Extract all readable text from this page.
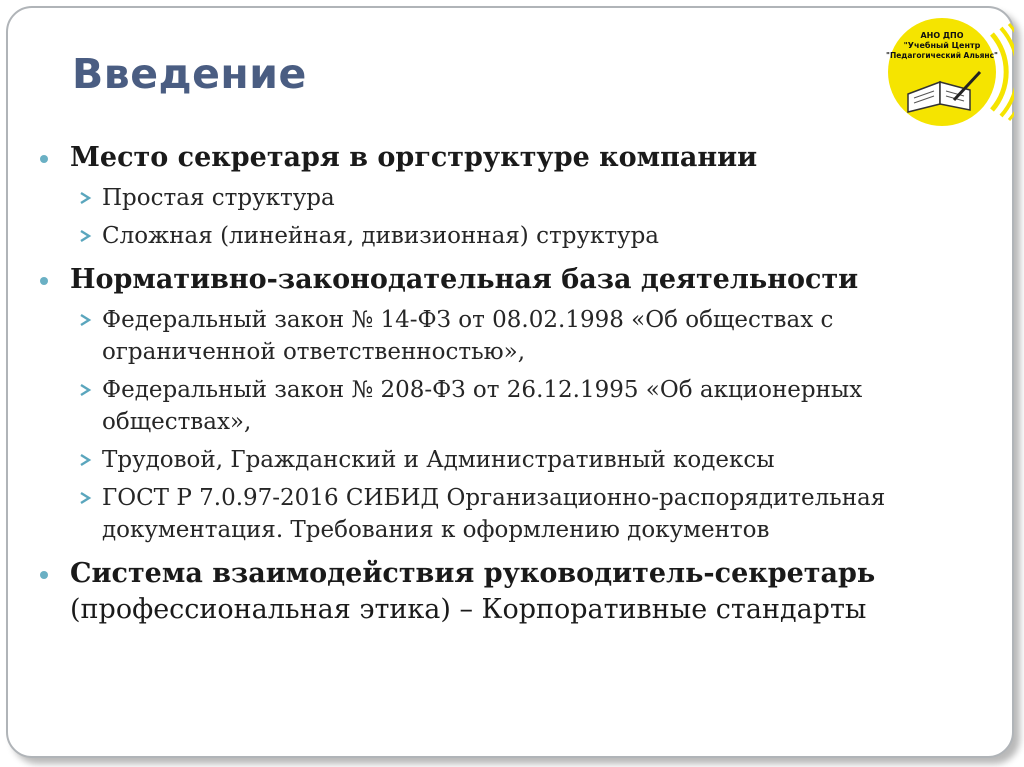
Введение
АНО ДПО
"Учебный Центр
"Педагогический Альянс"
Место секретаря в оргструктуре компании
Простая структура
Сложная (линейная, дивизионная) структура
Нормативно-законодательная база деятельности
Федеральный закон № 14-ФЗ от 08.02.1998 «Об обществах с ограниченной ответственностью»,
Федеральный закон № 208-ФЗ от 26.12.1995 «Об акционерных обществах»,
Трудовой, Гражданский и Административный кодексы
ГОСТ Р 7.0.97-2016 СИБИД Организационно-распорядительная документация. Требования к оформлению документов
Система взаимодействия руководитель-секретарь (профессиональная этика) – Корпоративные стандарты
